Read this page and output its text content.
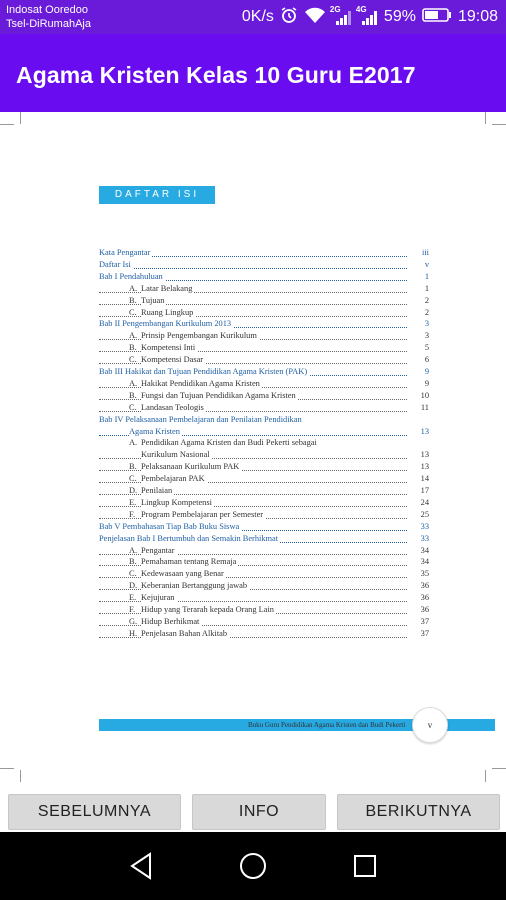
Indosat Ooredoo
Tsel-DiRumahAja	0K/s	2G 4G 59%	19:08
Agama Kristen Kelas 10 Guru E2017
DAFTAR ISI
Kata Pengantar	iii
Daftar Isi	v
Bab I Pendahuluan	1
A. Latar Belakang	1
B. Tujuan	2
C. Ruang Lingkup	2
Bab II Pengembangan Kurikulum 2013	3
A. Prinsip Pengembangan Kurikulum	3
B. Kompetensi Inti	5
C. Kompetensi Dasar	6
Bab III Hakikat dan Tujuan Pendidikan Agama Kristen (PAK)	9
A. Hakikat Pendidikan Agama Kristen	9
B. Fungsi dan Tujuan Pendidikan Agama Kristen	10
C. Landasan Teologis	11
Bab IV Pelaksanaan Pembelajaran dan Penilaian Pendidikan
Agama Kristen	13
A. Pendidikan Agama Kristen dan Budi Pekerti sebagai
Kurikulum Nasional	13
B. Pelaksanaan Kurikulum PAK	13
C. Pembelajaran PAK	14
D. Penilaian	17
E. Lingkup Kompetensi	24
F. Program Pembelajaran per Semester	25
Bab V Pembahasan Tiap Bab Buku Siswa	33
Penjelasan Bab I Bertumbuh dan Semakin Berhikmat	33
A. Pengantar	34
B. Pemahaman tentang Remaja	34
C. Kedewasaan yang Benar	35
D. Keberanian Bertanggung jawab	36
E. Kejujuran	36
F. Hidup yang Terarah kepada Orang Lain	36
G. Hidup Berhikmat	37
H. Penjelasan Bahan Alkitab	37
Buku Guru Pendidikan Agama Kristen dan Budi Pekerti v
SEBELUMNYA	INFO	BERIKUTNYA
